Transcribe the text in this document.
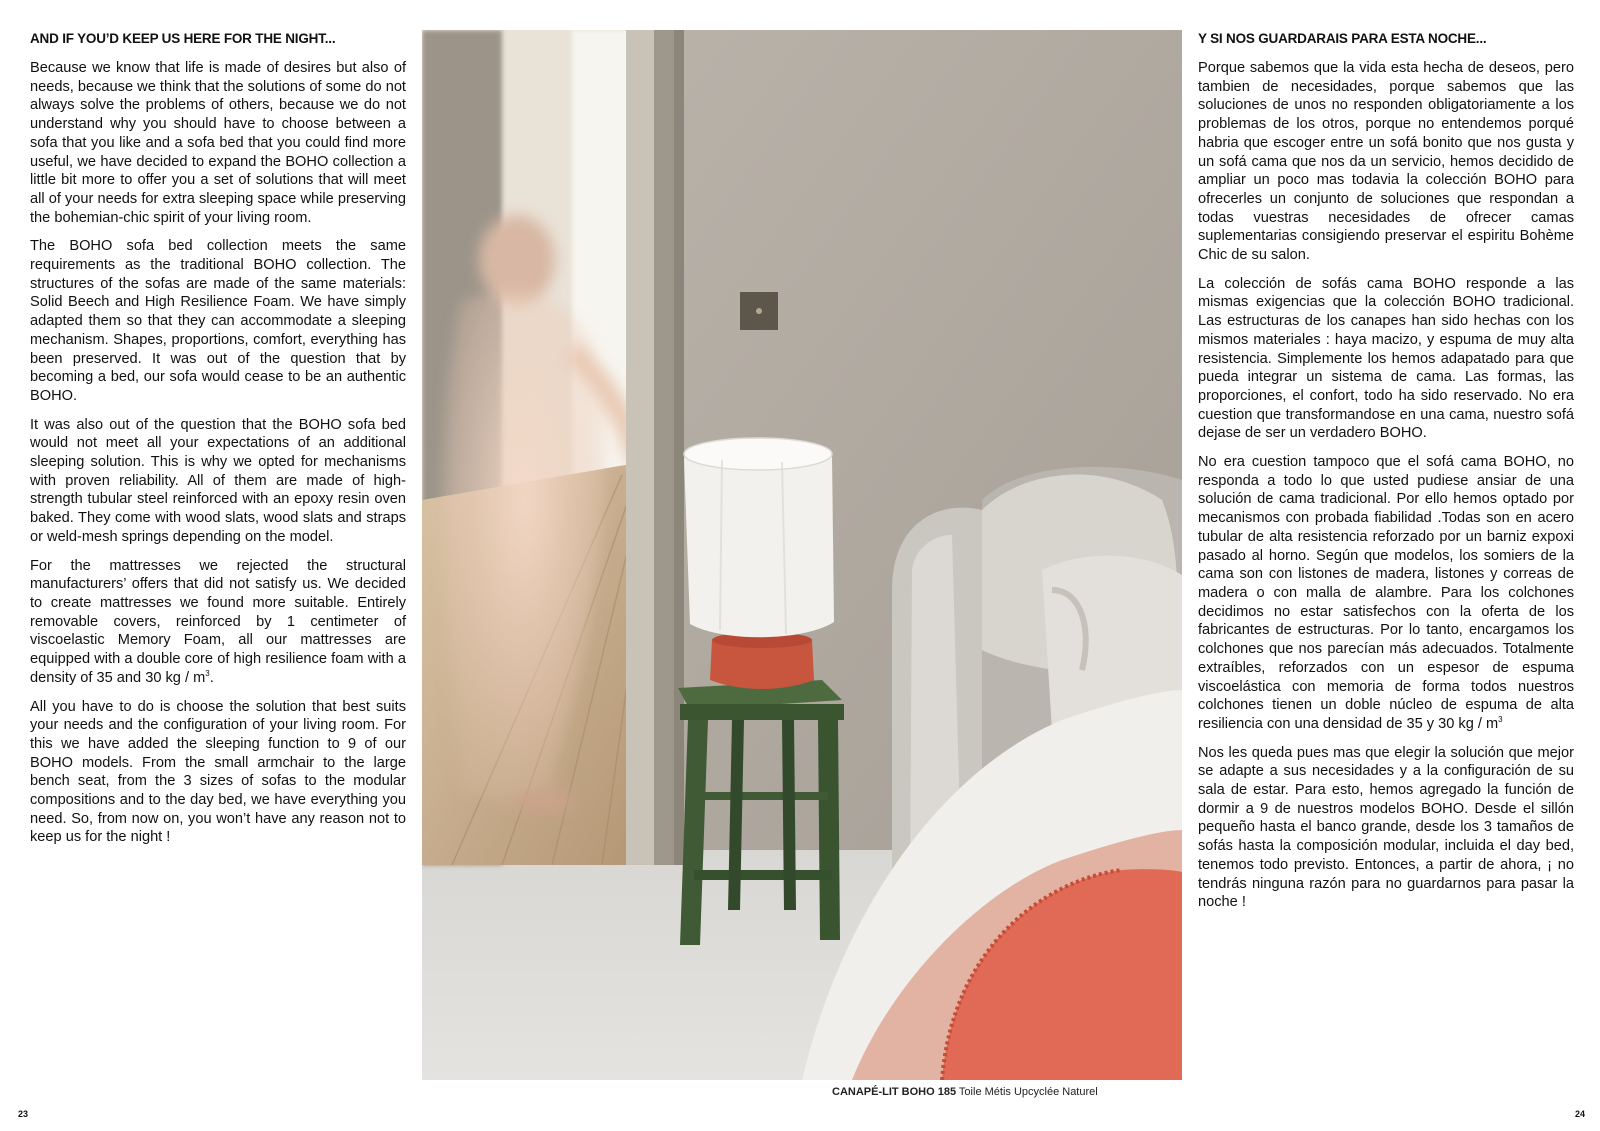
AND IF YOU’D KEEP US HERE FOR THE NIGHT...

Because we know that life is made of desires but also of needs, because we think that the solutions of some do not always solve the problems of others, because we do not understand why you should have to choose between a sofa that you like and a sofa bed that you could find more useful, we have decided to expand the BOHO collection a little bit more to offer you a set of solutions that will meet all of your needs for extra sleeping space while preserving the bohemian-chic spirit of your living room.

The BOHO sofa bed collection meets the same requirements as the traditional BOHO collection. The structures of the sofas are made of the same materials: Solid Beech and High Resilience Foam. We have simply adapted them so that they can accommodate a sleeping mechanism. Shapes, proportions, comfort, everything has been preserved. It was out of the question that by becoming a bed, our sofa would cease to be an authentic BOHO.

It was also out of the question that the BOHO sofa bed would not meet all your expectations of an additional sleeping solution. This is why we opted for mechanisms with proven reliability. All of them are made of high-strength tubular steel reinforced with an epoxy resin oven baked. They come with wood slats, wood slats and straps or weld-mesh springs depending on the model.

For the mattresses we rejected the structural manufacturers’ offers that did not satisfy us. We decided to create mattresses we found more suitable. Entirely removable covers, reinforced by 1 centimeter of viscoelastic Memory Foam, all our mattresses are equipped with a double core of high resilience foam with a density of 35 and 30 kg / $m^3$.

All you have to do is choose the solution that best suits your needs and the configuration of your living room. For this we have added the sleeping function to 9 of our BOHO models. From the small armchair to the large bench seat, from the 3 sizes of sofas to the modular compositions and to the day bed, we have everything you need. So, from now on, you won’t have any reason not to keep us for the night !

Y SI NOS GUARDARAIS PARA ESTA NOCHE...

Porque sabemos que la vida esta hecha de deseos, pero tambien de necesidades, porque sabemos que las soluciones de unos no responden obligatoriamente a los problemas de los otros, porque no entendemos porqué habria que escoger entre un sofá bonito que nos gusta y un sofá cama que nos da un servicio, hemos decidido de ampliar un poco mas todavia la colección BOHO para ofrecerles un conjunto de soluciones que respondan a todas vuestras necesidades de ofrecer camas suplementarias consigiendo preservar el espiritu Bohème Chic de su salon.

La colección de sofás cama BOHO responde a las mismas exigencias que la colección BOHO tradicional. Las estructuras de los canapes han sido hechas con los mismos materiales : haya macizo, y espuma de muy alta resistencia. Simplemente los hemos adapatado para que pueda integrar un sistema de cama. Las formas, las proporciones, el confort, todo ha sido reservado. No era cuestion que transformandose en una cama, nuestro sofá dejase de ser un verdadero BOHO.

No era cuestion tampoco que el sofá cama BOHO, no responda a todo lo que usted pudiese ansiar de una solución de cama tradicional. Por ello hemos optado por mecanismos con probada fiabilidad .Todas son en acero tubular de alta resistencia reforzado por un barniz expoxi pasado al horno. Según que modelos, los somiers de la cama son con listones de madera, listones y correas de madera o con malla de alambre. Para los colchones decidimos no estar satisfechos con la oferta de los fabricantes de estructuras. Por lo tanto, encargamos los colchones que nos parecían más adecuados. Totalmente extraíbles, reforzados con un espesor de espuma viscoelástica con memoria de forma todos nuestros colchones tienen un doble núcleo de espuma de alta resiliencia con una densidad de 35 y 30 kg / $m^3$

Nos les queda pues mas que elegir la solución que mejor se adapte a sus necesidades y a la configuración de su sala de estar. Para esto, hemos agregado la función de dormir a 9 de nuestros modelos BOHO. Desde el sillón pequeño hasta el banco grande, desde los 3 tamaños de sofás hasta la composición modular, incluida el day bed, tenemos todo previsto. Entonces, a partir de ahora, ¡ no tendrás ninguna razón para no guardarnos para pasar la noche !

CANAPÉ-LIT BOHO 185 Toile Métis Upcyclée Naturel
23	24
